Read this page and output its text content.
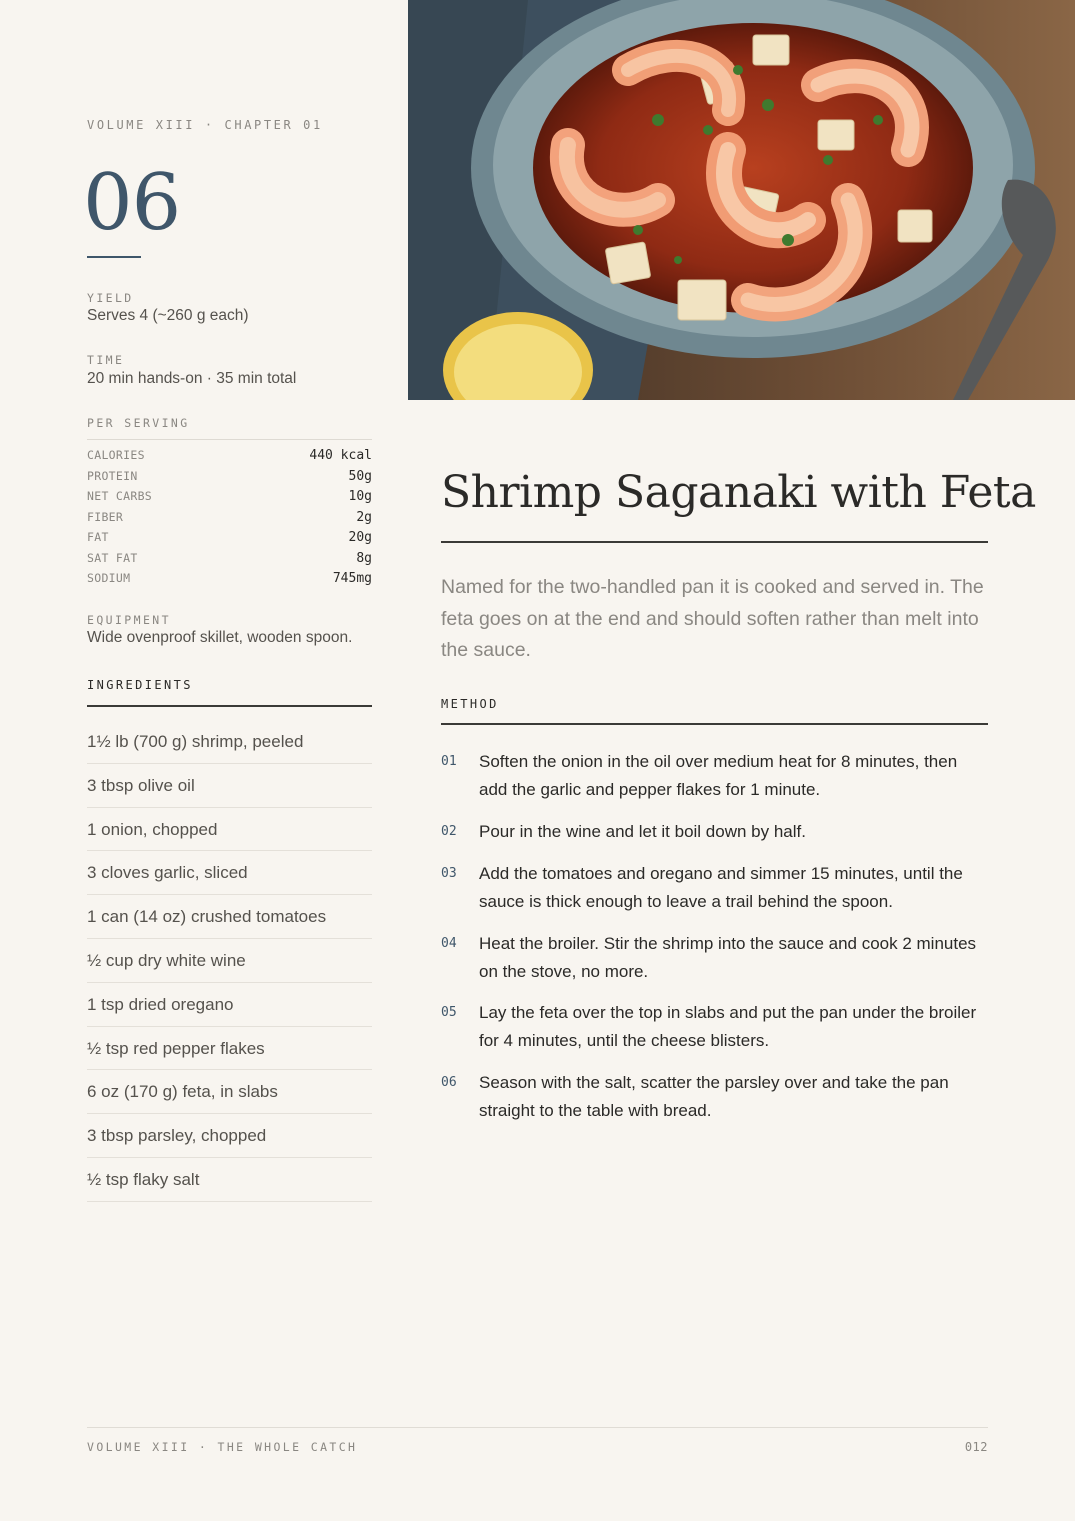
VOLUME XIII · CHAPTER 01
06
YIELD
Serves 4 (~260 g each)
TIME
20 min hands-on · 35 min total
PER SERVING
CALORIES	440 kcal
PROTEIN	50g
NET CARBS	10g
FIBER	2g
FAT	20g
SAT FAT	8g
SODIUM	745mg
EQUIPMENT
Wide ovenproof skillet, wooden spoon.
INGREDIENTS
1½ lb (700 g) shrimp, peeled
3 tbsp olive oil
1 onion, chopped
3 cloves garlic, sliced
1 can (14 oz) crushed tomatoes
½ cup dry white wine
1 tsp dried oregano
½ tsp red pepper flakes
6 oz (170 g) feta, in slabs
3 tbsp parsley, chopped
½ tsp flaky salt
Shrimp Saganaki with Feta

Named for the two-handled pan it is cooked and served in. The feta goes on at the end and should soften rather than melt into the sauce.

METHOD
01	Soften the onion in the oil over medium heat for 8 minutes, then add the garlic and pepper flakes for 1 minute.
02	Pour in the wine and let it boil down by half.
03	Add the tomatoes and oregano and simmer 15 minutes, until the sauce is thick enough to leave a trail behind the spoon.
04	Heat the broiler. Stir the shrimp into the sauce and cook 2 minutes on the stove, no more.
05	Lay the feta over the top in slabs and put the pan under the broiler for 4 minutes, until the cheese blisters.
06	Season with the salt, scatter the parsley over and take the pan straight to the table with bread.
VOLUME XIII · THE WHOLE CATCH	012
